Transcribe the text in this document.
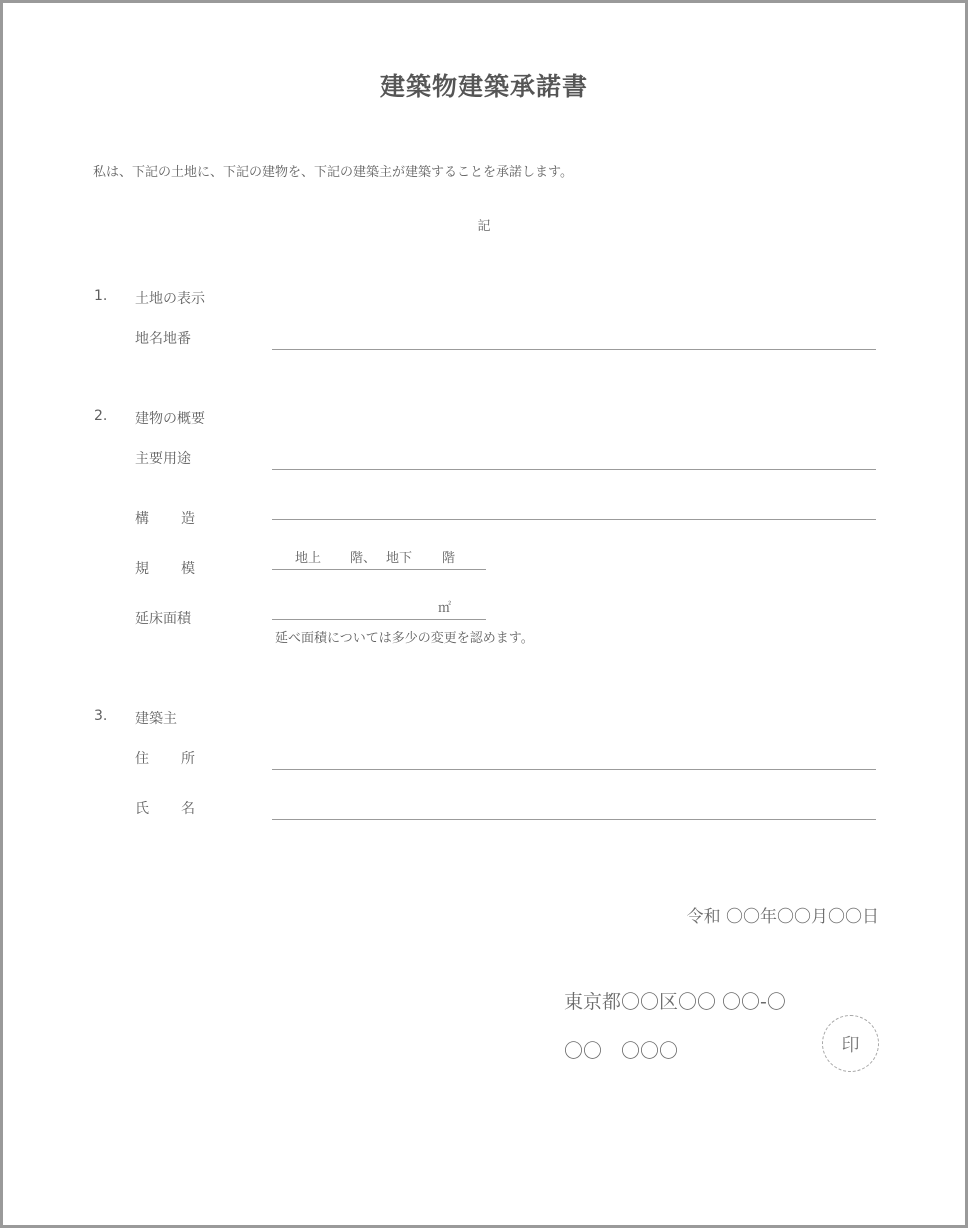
建築物建築承諾書
私は、下記の土地に、下記の建物を、下記の建築主が建築することを承諾します。
記
1. 土地の表示
地名地番
2. 建物の概要
主要用途
構 造
規 模
地上 階、 地下 階
延床面積
㎡
延べ面積については多少の変更を認めます。
3. 建築主
住 所
氏 名
令和 〇〇年〇〇月〇〇日
東京都〇〇区〇〇 〇〇-〇
〇〇　〇〇〇	印
